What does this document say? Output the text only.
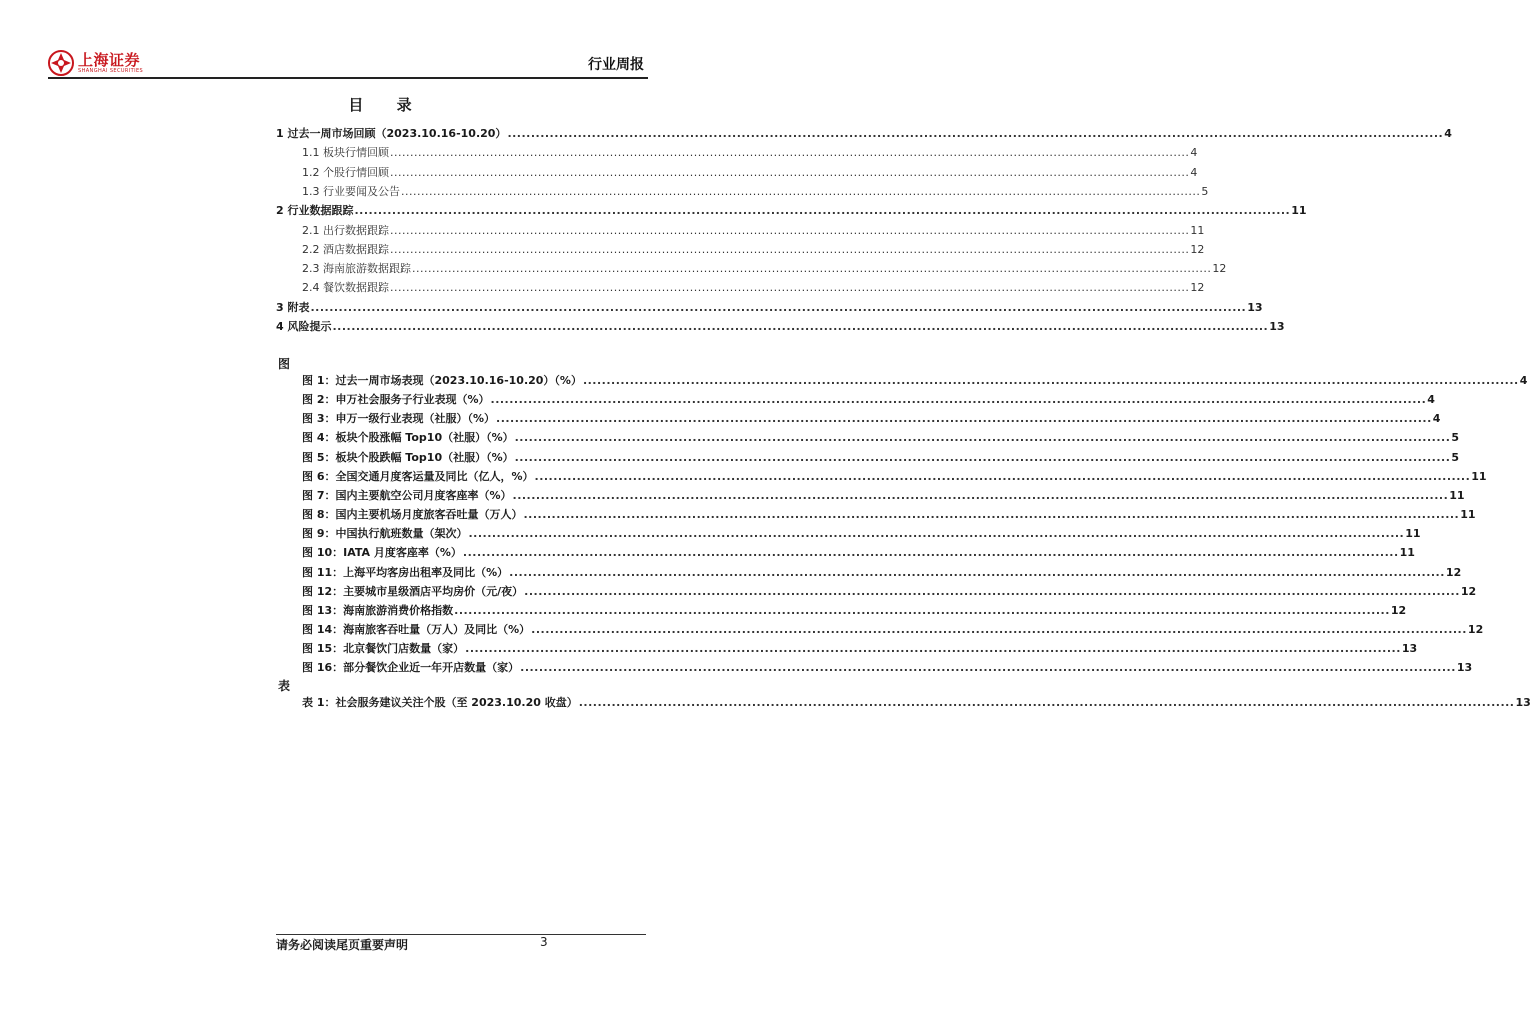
上海证券
SHANGHAI SECURITIES	行业周报
目 录
1 过去一周市场回顾（2023.10.16-10.20） ........................................................................................................................................................................................................ 4
1.1 板块行情回顾 ........................................................................................................................................................................................................ 4
1.2 个股行情回顾 ........................................................................................................................................................................................................ 4
1.3 行业要闻及公告 ........................................................................................................................................................................................................ 5
2 行业数据跟踪 ........................................................................................................................................................................................................ 11
2.1 出行数据跟踪 ........................................................................................................................................................................................................ 11
2.2 酒店数据跟踪 ........................................................................................................................................................................................................ 12
2.3 海南旅游数据跟踪 ........................................................................................................................................................................................................ 12
2.4 餐饮数据跟踪 ........................................................................................................................................................................................................ 12
3 附表 ........................................................................................................................................................................................................ 13
4 风险提示 ........................................................................................................................................................................................................ 13
图
图 1：过去一周市场表现（2023.10.16-10.20）（%） ........................................................................................................................................................................................................ 4
图 2：申万社会服务子行业表现（%） ........................................................................................................................................................................................................ 4
图 3：申万一级行业表现（社服）（%） ........................................................................................................................................................................................................ 4
图 4：板块个股涨幅 Top10（社服）（%） ........................................................................................................................................................................................................ 5
图 5：板块个股跌幅 Top10（社服）（%） ........................................................................................................................................................................................................ 5
图 6：全国交通月度客运量及同比（亿人，%） ........................................................................................................................................................................................................ 11
图 7：国内主要航空公司月度客座率（%） ........................................................................................................................................................................................................ 11
图 8：国内主要机场月度旅客吞吐量（万人） ........................................................................................................................................................................................................ 11
图 9：中国执行航班数量（架次） ........................................................................................................................................................................................................ 11
图 10：IATA 月度客座率（%） ........................................................................................................................................................................................................ 11
图 11：上海平均客房出租率及同比（%） ........................................................................................................................................................................................................ 12
图 12：主要城市星级酒店平均房价（元/夜） ........................................................................................................................................................................................................ 12
图 13：海南旅游消费价格指数 ........................................................................................................................................................................................................ 12
图 14：海南旅客吞吐量（万人）及同比（%） ........................................................................................................................................................................................................ 12
图 15：北京餐饮门店数量（家） ........................................................................................................................................................................................................ 13
图 16：部分餐饮企业近一年开店数量（家） ........................................................................................................................................................................................................ 13
表
表 1：社会服务建议关注个股（至 2023.10.20 收盘） ........................................................................................................................................................................................................ 13
请务必阅读尾页重要声明	3
